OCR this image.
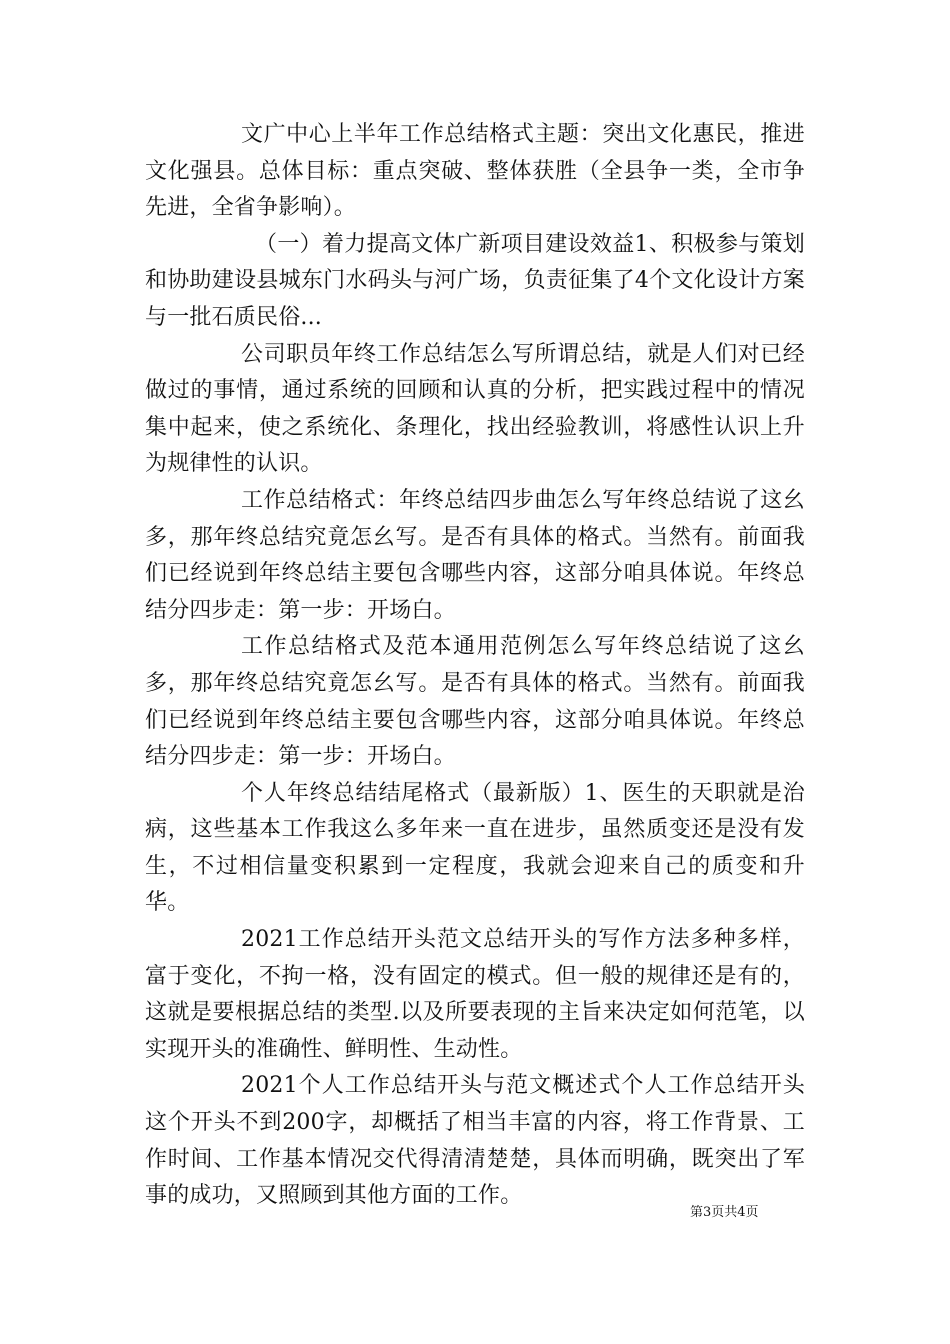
文广中心上半年工作总结格式主题：突出文化惠民，推进文化强县。总体目标：重点突破、整体获胜（全县争一类，全市争先进，全省争影响）。

（一）着力提高文体广新项目建设效益1、积极参与策划和协助建设县城东门水码头与河广场，负责征集了4个文化设计方案与一批石质民俗...

公司职员年终工作总结怎么写所谓总结，就是人们对已经做过的事情，通过系统的回顾和认真的分析，把实践过程中的情况集中起来，使之系统化、条理化，找出经验教训，将感性认识上升为规律性的认识。

工作总结格式：年终总结四步曲怎么写年终总结说了这幺多，那年终总结究竟怎幺写。是否有具体的格式。当然有。前面我们已经说到年终总结主要包含哪些内容，这部分咱具体说。年终总结分四步走：第一步：开场白。

工作总结格式及范本通用范例怎么写年终总结说了这幺多，那年终总结究竟怎幺写。是否有具体的格式。当然有。前面我们已经说到年终总结主要包含哪些内容，这部分咱具体说。年终总结分四步走：第一步：开场白。

个人年终总结结尾格式（最新版）1、医生的天职就是治病，这些基本工作我这么多年来一直在进步，虽然质变还是没有发生，不过相信量变积累到一定程度，我就会迎来自己的质变和升华。

2021工作总结开头范文总结开头的写作方法多种多样，富于变化，不拘一格，没有固定的模式。但一般的规律还是有的，这就是要根据总结的类型.以及所要表现的主旨来决定如何范笔，以实现开头的准确性、鲜明性、生动性。

2021个人工作总结开头与范文概述式个人工作总结开头这个开头不到200字，却概括了相当丰富的内容，将工作背景、工作时间、工作基本情况交代得清清楚楚，具体而明确，既突出了军事的成功，又照顾到其他方面的工作。

第3页共4页
